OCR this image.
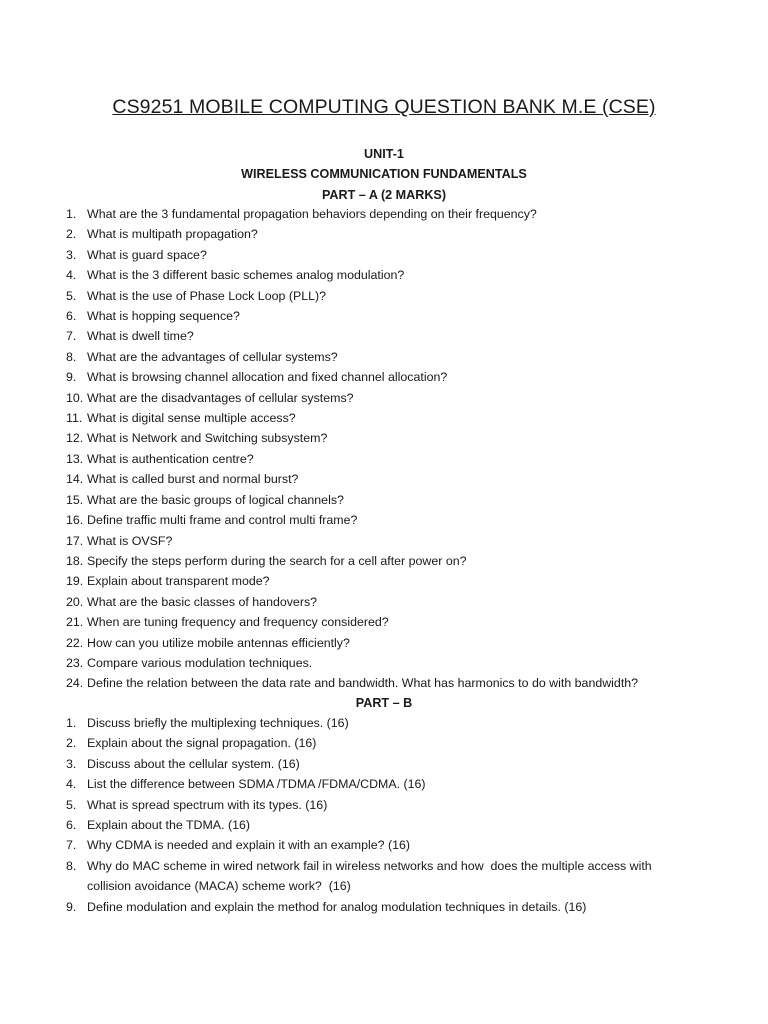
CS9251 MOBILE COMPUTING QUESTION BANK M.E (CSE)
UNIT-1
WIRELESS COMMUNICATION FUNDAMENTALS
PART – A (2 MARKS)
1. What are the 3 fundamental propagation behaviors depending on their frequency?
2. What is multipath propagation?
3. What is guard space?
4. What is the 3 different basic schemes analog modulation?
5. What is the use of Phase Lock Loop (PLL)?
6. What is hopping sequence?
7. What is dwell time?
8. What are the advantages of cellular systems?
9. What is browsing channel allocation and fixed channel allocation?
10. What are the disadvantages of cellular systems?
11. What is digital sense multiple access?
12. What is Network and Switching subsystem?
13. What is authentication centre?
14. What is called burst and normal burst?
15. What are the basic groups of logical channels?
16. Define traffic multi frame and control multi frame?
17. What is OVSF?
18. Specify the steps perform during the search for a cell after power on?
19. Explain about transparent mode?
20. What are the basic classes of handovers?
21. When are tuning frequency and frequency considered?
22. How can you utilize mobile antennas efficiently?
23. Compare various modulation techniques.
24. Define the relation between the data rate and bandwidth. What has harmonics to do with bandwidth?
PART – B
1. Discuss briefly the multiplexing techniques. (16)
2. Explain about the signal propagation. (16)
3. Discuss about the cellular system. (16)
4. List the difference between SDMA /TDMA /FDMA/CDMA. (16)
5. What is spread spectrum with its types. (16)
6. Explain about the TDMA. (16)
7. Why CDMA is needed and explain it with an example? (16)
8. Why do MAC scheme in wired network fail in wireless networks and how  does the multiple access with collision avoidance (MACA) scheme work?  (16)
9. Define modulation and explain the method for analog modulation techniques in details. (16)
